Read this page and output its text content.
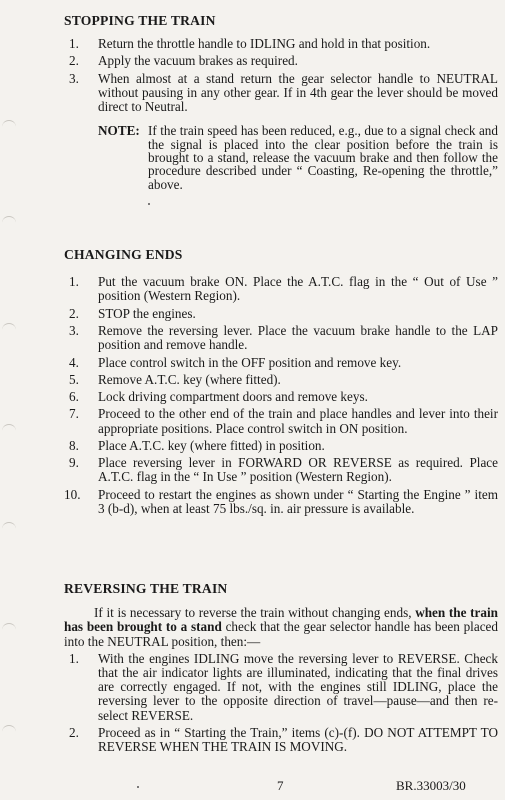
STOPPING THE TRAIN
1. Return the throttle handle to IDLING and hold in that position.
2. Apply the vacuum brakes as required.
3. When almost at a stand return the gear selector handle to NEUTRAL without pausing in any other gear. If in 4th gear the lever should be moved direct to Neutral.
NOTE: If the train speed has been reduced, e.g., due to a signal check and the signal is placed into the clear position before the train is brought to a stand, release the vacuum brake and then follow the procedure described under “ Coasting, Re-opening the throttle,” above.
CHANGING ENDS
1. Put the vacuum brake ON. Place the A.T.C. flag in the “ Out of Use ” position (Western Region).
2. STOP the engines.
3. Remove the reversing lever. Place the vacuum brake handle to the LAP position and remove handle.
4. Place control switch in the OFF position and remove key.
5. Remove A.T.C. key (where fitted).
6. Lock driving compartment doors and remove keys.
7. Proceed to the other end of the train and place handles and lever into their appropriate positions. Place control switch in ON position.
8. Place A.T.C. key (where fitted) in position.
9. Place reversing lever in FORWARD OR REVERSE as required. Place A.T.C. flag in the “ In Use ” position (Western Region).
10. Proceed to restart the engines as shown under “ Starting the Engine ” item 3 (b-d), when at least 75 lbs./sq. in. air pressure is available.
REVERSING THE TRAIN

If it is necessary to reverse the train without changing ends, when the train has been brought to a stand check that the gear selector handle has been placed into the NEUTRAL position, then:—

1. With the engines IDLING move the reversing lever to REVERSE. Check that the air indicator lights are illuminated, indicating that the final drives are correctly engaged. If not, with the engines still IDLING, place the reversing lever to the opposite direction of travel—pause—and then re-select REVERSE.
2. Proceed as in “ Starting the Train,” items (c)-(f). DO NOT ATTEMPT TO REVERSE WHEN THE TRAIN IS MOVING.
7	BR.33003/30
